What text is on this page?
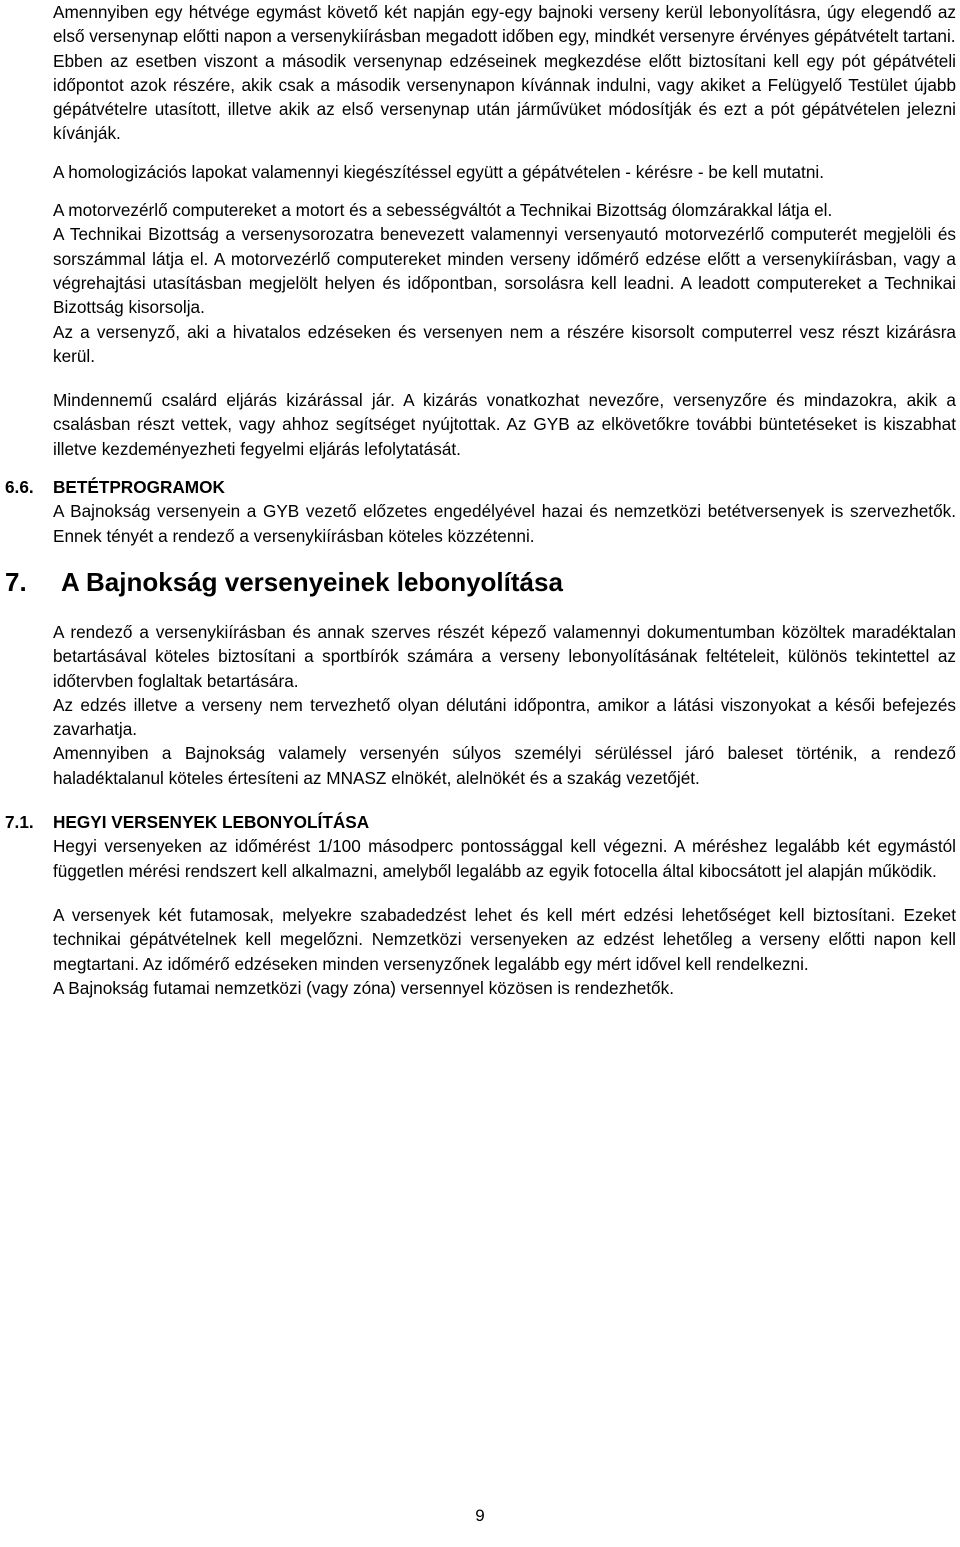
Amennyiben egy hétvége egymást követő két napján egy-egy bajnoki verseny kerül lebonyolításra, úgy elegendő az első versenynap előtti napon a versenykiírásban megadott időben egy, mindkét versenyre érvényes gépátvételt tartani.

Ebben az esetben viszont a második versenynap edzéseinek megkezdése előtt biztosítani kell egy pót gépátvételi időpontot azok részére, akik csak a második versenynapon kívánnak indulni, vagy akiket a Felügyelő Testület újabb gépátvételre utasított, illetve akik az első versenynap után járművüket módosítják és ezt a pót gépátvételen jelezni kívánják.

A homologizációs lapokat valamennyi kiegészítéssel együtt a gépátvételen - kérésre - be kell mutatni.

A motorvezérlő computereket a motort és a sebességváltót a Technikai Bizottság ólomzárakkal látja el.

A Technikai Bizottság a versenysorozatra benevezett valamennyi versenyautó motorvezérlő computerét megjelöli és sorszámmal látja el. A motorvezérlő computereket minden verseny időmérő edzése előtt a versenykiírásban, vagy a végrehajtási utasításban megjelölt helyen és időpontban, sorsolásra kell leadni. A leadott computereket a Technikai Bizottság kisorsolja.

Az a versenyző, aki a hivatalos edzéseken és versenyen nem a részére kisorsolt computerrel vesz részt kizárásra kerül.

Mindennemű csalárd eljárás kizárással jár. A kizárás vonatkozhat nevezőre, versenyzőre és mindazokra, akik a csalásban részt vettek, vagy ahhoz segítséget nyújtottak. Az GYB az elkövetőkre további büntetéseket is kiszabhat illetve kezdeményezheti fegyelmi eljárás lefolytatását.

6.6. BETÉTPROGRAMOK

A Bajnokság versenyein a GYB vezető előzetes engedélyével hazai és nemzetközi betétversenyek is szervezhetők. Ennek tényét a rendező a versenykiírásban köteles közzétenni.

7. A Bajnokság versenyeinek lebonyolítása

A rendező a versenykiírásban és annak szerves részét képező valamennyi dokumentumban közöltek maradéktalan betartásával köteles biztosítani a sportbírók számára a verseny lebonyolításának feltételeit, különös tekintettel az időtervben foglaltak betartására.

Az edzés illetve a verseny nem tervezhető olyan délutáni időpontra, amikor a látási viszonyokat a késői befejezés zavarhatja.

Amennyiben a Bajnokság valamely versenyén súlyos személyi sérüléssel járó baleset történik, a rendező haladéktalanul köteles értesíteni az MNASZ elnökét, alelnökét és a szakág vezetőjét.

7.1. HEGYI VERSENYEK LEBONYOLÍTÁSA

Hegyi versenyeken az időmérést 1/100 másodperc pontossággal kell végezni. A méréshez legalább két egymástól független mérési rendszert kell alkalmazni, amelyből legalább az egyik fotocella által kibocsátott jel alapján működik.

A versenyek két futamosak, melyekre szabadedzést lehet és kell mért edzési lehetőséget kell biztosítani. Ezeket technikai gépátvételnek kell megelőzni. Nemzetközi versenyeken az edzést lehetőleg a verseny előtti napon kell megtartani. Az időmérő edzéseken minden versenyzőnek legalább egy mért idővel kell rendelkezni.

A Bajnokság futamai nemzetközi (vagy zóna) versennyel közösen is rendezhetők.

9
